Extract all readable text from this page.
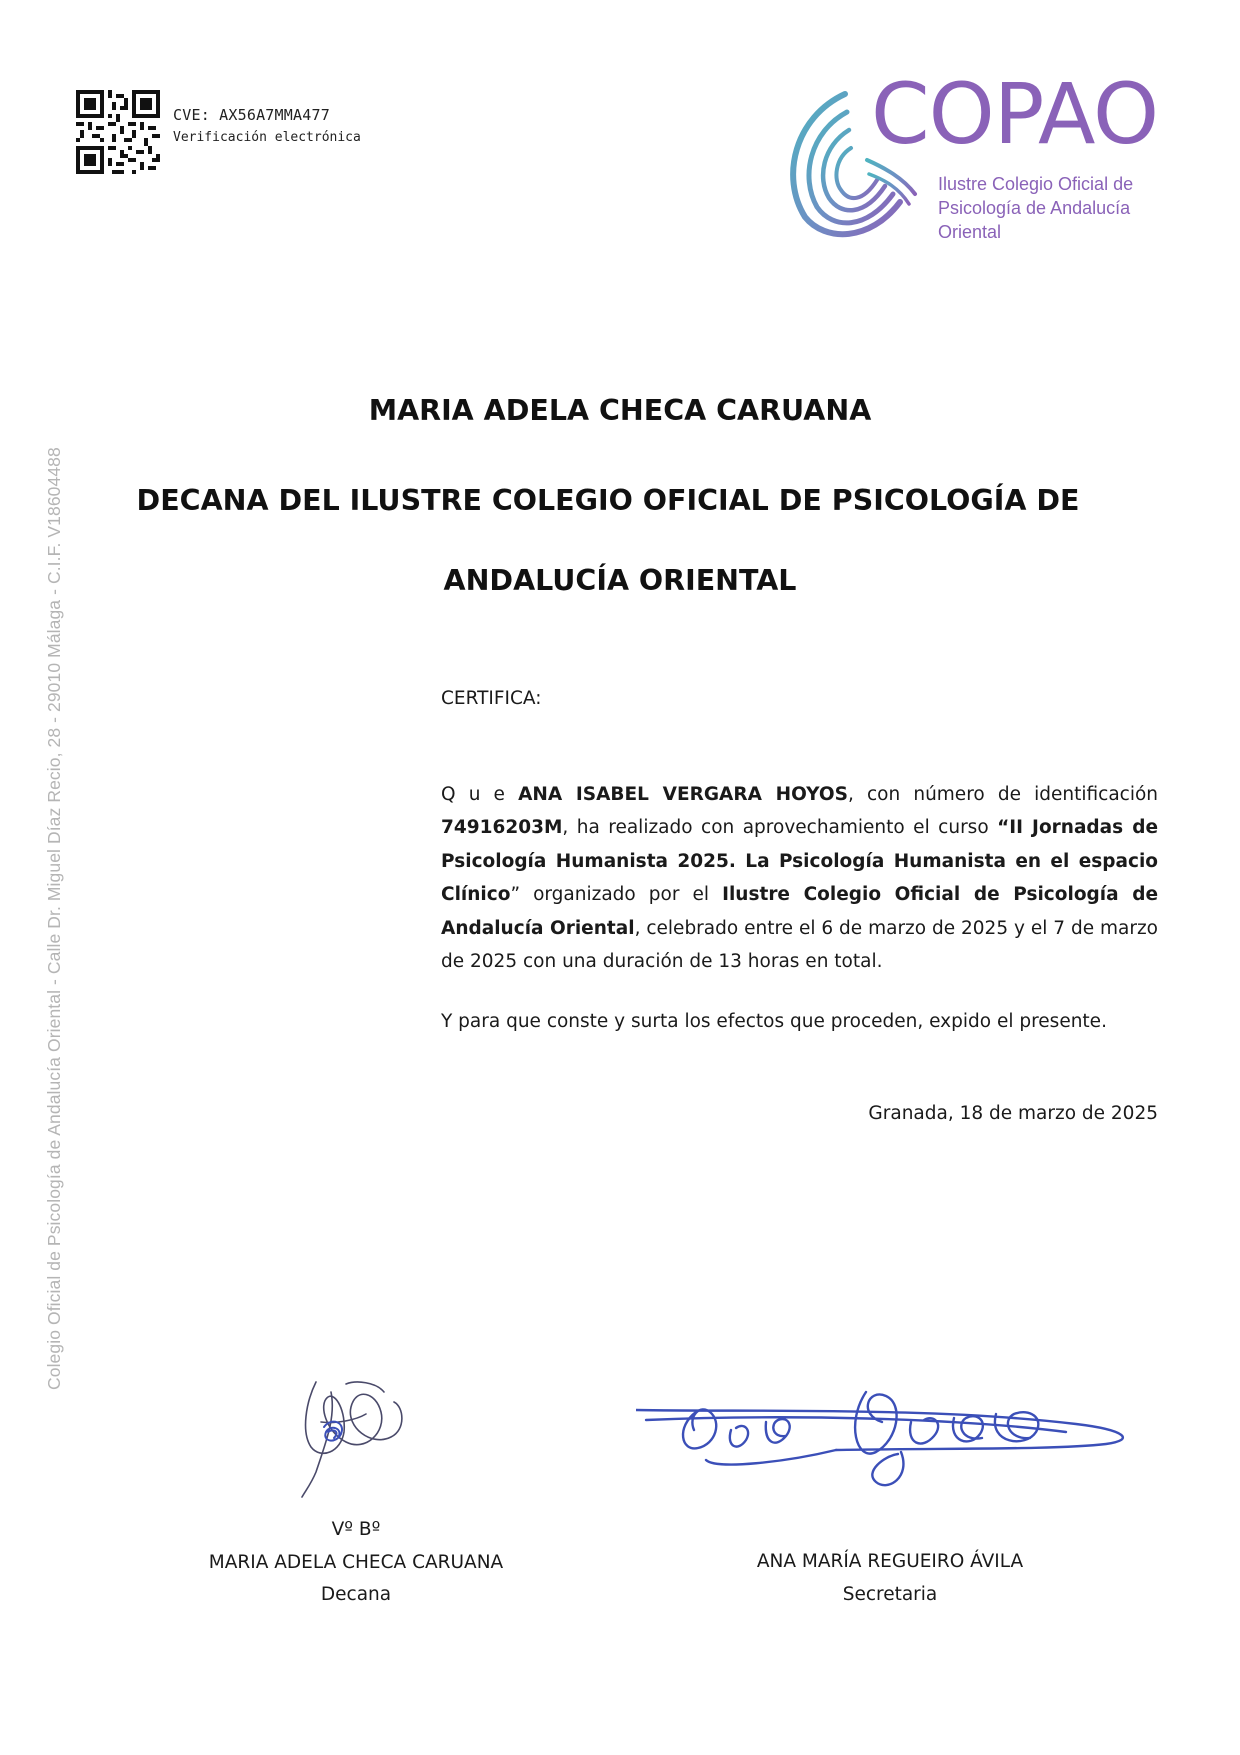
CVE: AX56A7MMA477
Verificación electrónica	COPAO
Ilustre Colegio Oficial de
Psicología de Andalucía
Oriental
Colegio Oficial de Psicología de Andalucía Oriental - Calle Dr. Miguel Díaz Recio, 28 - 29010 Málaga - C.I.F. V18604488
MARIA ADELA CHECA CARUANA
DECANA DEL ILUSTRE COLEGIO OFICIAL DE PSICOLOGÍA DE
ANDALUCÍA ORIENTAL
CERTIFICA:
Q u e ANA ISABEL VERGARA HOYOS, con número de identificación 74916203M, ha realizado con aprovechamiento el curso “II Jornadas de Psicología Humanista 2025. La Psicología Humanista en el espacio Clínico” organizado por el Ilustre Colegio Oficial de Psicología de Andalucía Oriental, celebrado entre el 6 de marzo de 2025 y el 7 de marzo de 2025 con una duración de 13 horas en total.
Y para que conste y surta los efectos que proceden, expido el presente.
Granada, 18 de marzo de 2025
Vº Bº
MARIA ADELA CHECA CARUANA
Decana
ANA MARÍA REGUEIRO ÁVILA
Secretaria
